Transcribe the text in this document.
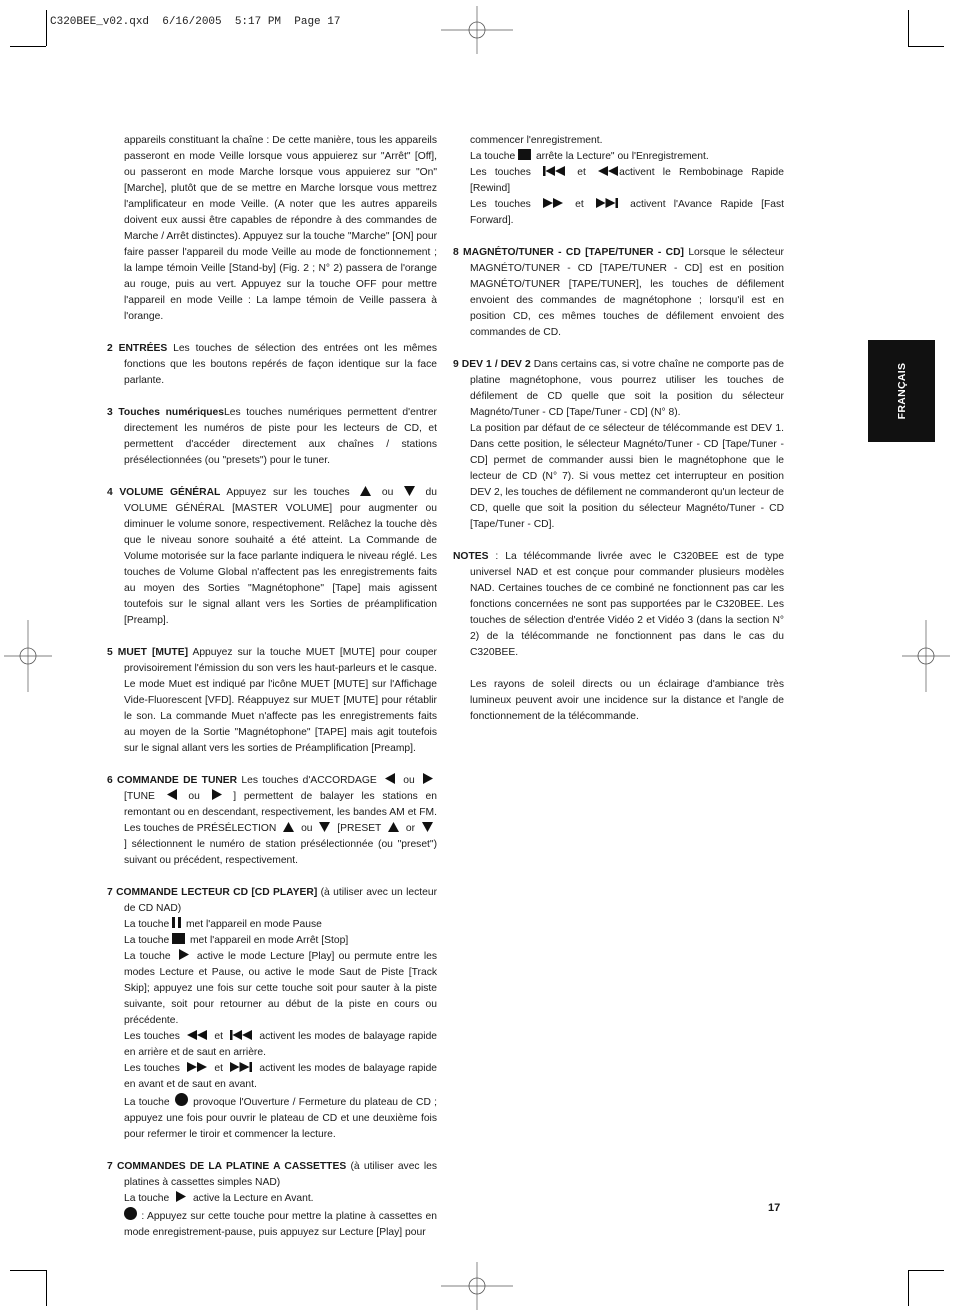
C320BEE_v02.qxd  6/16/2005  5:17 PM  Page 17
FRANÇAIS

appareils constituant la chaîne : De cette manière, tous les appareils passeront en mode Veille lorsque vous appuierez sur "Arrêt" [Off], ou passeront en mode Marche lorsque vous appuierez sur "On" [Marche], plutôt que de se mettre en Marche lorsque vous mettrez l'amplificateur en mode Veille. (A noter que les autres appareils doivent eux aussi être capables de répondre à des commandes de Marche / Arrêt distinctes). Appuyez sur la touche "Marche" [ON] pour faire passer l'appareil du mode Veille au mode de fonctionnement ; la lampe témoin Veille [Stand-by] (Fig. 2 ; N° 2) passera de l'orange au rouge, puis au vert. Appuyez sur la touche OFF pour mettre l'appareil en mode Veille : La lampe témoin de Veille passera à l'orange.

2 ENTRÉES Les touches de sélection des entrées ont les mêmes fonctions que les boutons repérés de façon identique sur la face parlante.

3 Touches numériquesLes touches numériques permettent d'entrer directement les numéros de piste pour les lecteurs de CD, et permettent d'accéder directement aux chaînes / stations présélectionnées (ou "presets") pour le tuner.

4 VOLUME GÉNÉRAL Appuyez sur les touches  ou  du VOLUME GÉNÉRAL [MASTER VOLUME] pour augmenter ou diminuer le volume sonore, respectivement. Relâchez la touche dès que le niveau sonore souhaité a été atteint. La Commande de Volume motorisée sur la face parlante indiquera le niveau réglé. Les touches de Volume Global n'affectent pas les enregistrements faits au moyen des Sorties "Magnétophone" [Tape] mais agissent toutefois sur le signal allant vers les Sorties de préamplification [Preamp].

5 MUET [MUTE] Appuyez sur la touche MUET [MUTE] pour couper provisoirement l'émission du son vers les haut-parleurs et le casque. Le mode Muet est indiqué par l'icône MUET [MUTE] sur l'Affichage Vide-Fluorescent [VFD]. Réappuyez sur MUET [MUTE] pour rétablir le son. La commande Muet n'affecte pas les enregistrements faits au moyen de la Sortie "Magnétophone" [TAPE] mais agit toutefois sur le signal allant vers les sorties de Préamplification [Preamp].

6 COMMANDE DE TUNER Les touches d'ACCORDAGE  ou  [TUNE  ou  ] permettent de balayer les stations en remontant ou en descendant, respectivement, les bandes AM et FM. Les touches de PRÉSÉLECTION  ou  [PRESET  or  ] sélectionnent le numéro de station présélectionnée (ou "preset") suivant ou précédent, respectivement.

7 COMMANDE LECTEUR CD [CD PLAYER] (à utiliser avec un lecteur de CD NAD)
La touche  met l'appareil en mode Pause
La touche  met l'appareil en mode Arrêt [Stop]
La touche  active le mode Lecture [Play] ou permute entre les modes Lecture et Pause, ou active le mode Saut de Piste [Track Skip]; appuyez une fois sur cette touche soit pour sauter à la piste suivante, soit pour retourner au début de la piste en cours ou précédente.
Les touches	et	activent les modes de balayage rapide en arrière et de saut en arrière.
Les touches	et	activent les modes de balayage rapide en avant et de saut en avant.
La touche  provoque l'Ouverture / Fermeture du plateau de CD ; appuyez une fois pour ouvrir le plateau de CD et une deuxième fois pour refermer le tiroir et commencer la lecture.

7 COMMANDES DE LA PLATINE A CASSETTES (à utiliser avec les platines à cassettes simples NAD)
La touche  active la Lecture en Avant.
: Appuyez sur cette touche pour mettre la platine à cassettes en mode enregistrement-pause, puis appuyez sur Lecture [Play] pour

commencer l'enregistrement.
La touche  arrête la Lecture" ou l'Enregistrement.
Les touches	et activent le Rembobinage Rapide [Rewind]
Les touches	et	activent l'Avance Rapide [Fast Forward].

8 MAGNÉTO/TUNER - CD [TAPE/TUNER - CD] Lorsque le sélecteur MAGNÉTO/TUNER - CD [TAPE/TUNER - CD] est en position MAGNÉTO/TUNER [TAPE/TUNER], les touches de défilement envoient des commandes de magnétophone ; lorsqu'il est en position CD, ces mêmes touches de défilement envoient des commandes de CD.

9 DEV 1 / DEV 2 Dans certains cas, si votre chaîne ne comporte pas de platine magnétophone, vous pourrez utiliser les touches de défilement de CD quelle que soit la position du sélecteur Magnéto/Tuner - CD [Tape/Tuner - CD] (N° 8).
La position par défaut de ce sélecteur de télécommande est DEV 1. Dans cette position, le sélecteur Magnéto/Tuner - CD [Tape/Tuner - CD] permet de commander aussi bien le magnétophone que le lecteur de CD (N° 7). Si vous mettez cet interrupteur en position DEV 2, les touches de défilement ne commanderont qu'un lecteur de CD, quelle que soit la position du sélecteur Magnéto/Tuner - CD [Tape/Tuner - CD].

NOTES : La télécommande livrée avec le C320BEE est de type universel NAD et est conçue pour commander plusieurs modèles NAD. Certaines touches de ce combiné ne fonctionnent pas car les fonctions concernées ne sont pas supportées par le C320BEE. Les touches de sélection d'entrée Vidéo 2 et Vidéo 3 (dans la section N° 2) de la télécommande ne fonctionnent pas dans le cas du C320BEE.

Les rayons de soleil directs ou un éclairage d'ambiance très lumineux peuvent avoir une incidence sur la distance et l'angle de fonctionnement de la télécommande.

17
